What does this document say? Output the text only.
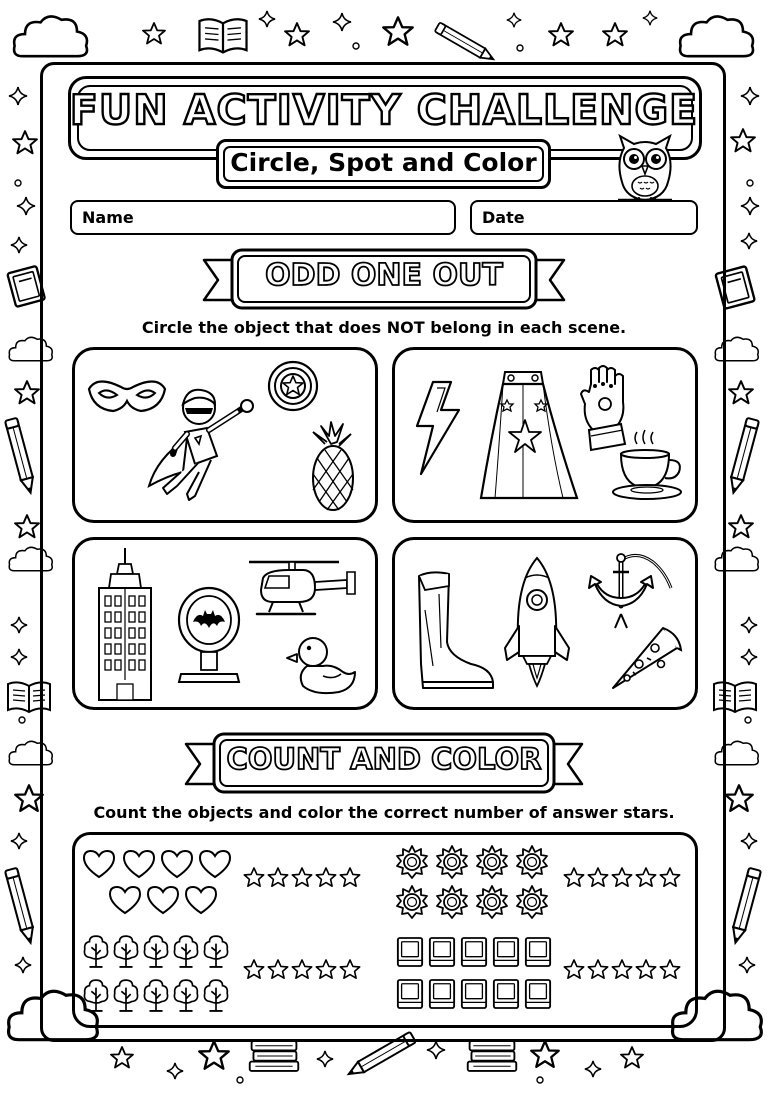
FUN ACTIVITY CHALLENGE
Circle, Spot and Color
Name	Date
ODD ONE OUT
Circle the object that does NOT belong in each scene.
COUNT AND COLOR
Count the objects and color the correct number of answer stars.
